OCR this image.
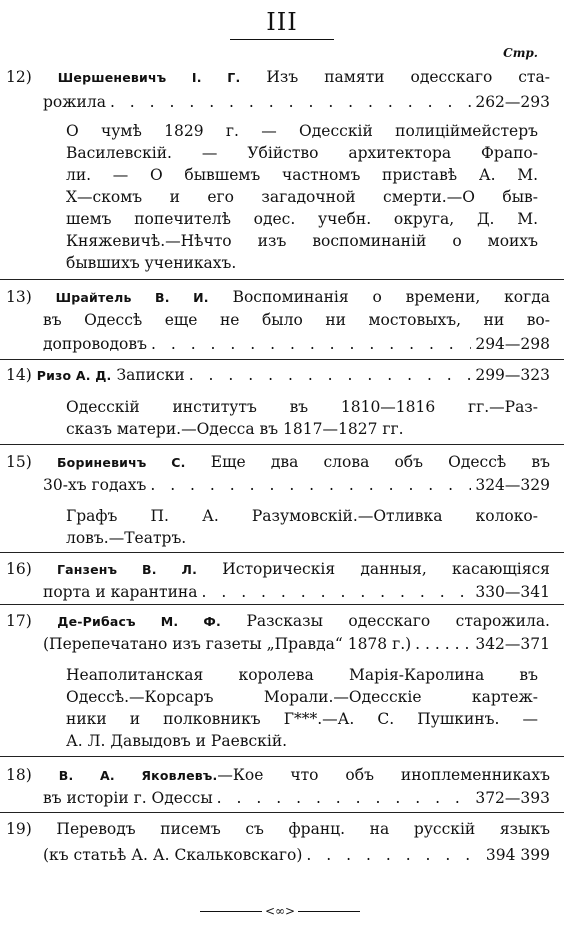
III
Стр.
12) Шершеневичъ І. Г. Изъ памяти одесскаго ста-
рожила . . .	262—293
О чумѣ 1829 г. — Одесскій полиціймейстеръ
Василевскій. — Убійство архитектора Фрапо-
ли. — О бывшемъ частномъ приставѣ А. М.
Х—скомъ и его загадочной смерти.—О быв-
шемъ попечителѣ одес. учебн. округа, Д. М.
Княжевичѣ.—Нѣчто изъ воспоминаній о моихъ
бывшихъ ученикахъ.
13) Шрайтель В. И. Воспоминанія о времени, когда
въ Одессѣ еще не было ни мостовыхъ, ни во-
допроводовъ . . .	294—298
14) Ризо А. Д. Записки . . .	299—323
Одесскій институтъ въ 1810—1816 гг.—Раз-
сказъ матери.—Одесса въ 1817—1827 гг.
15) Бориневичъ С. Еще два слова объ Одессѣ въ
30-хъ годахъ . . .	324—329
Графъ П. А. Разумовскій.—Отливка колоко-
ловъ.—Театръ.
16) Ганзенъ В. Л. Историческія данныя, касающіяся
порта и карантина . . .	330—341
17) Де-Рибасъ М. Ф. Разсказы одесскаго старожила.
(Перепечатано изъ газеты „Правда“ 1878 г.) . . .	342—371
Неаполитанская королева Марія-Каролина въ
Одессѣ.—Корсаръ Морали.—Одесскіе картеж-
ники и полковникъ Г***.—А. С. Пушкинъ. —
А. Л. Давыдовъ и Раевскій.
18) В. А. Яковлевъ.—Кое что объ иноплеменникахъ
въ исторіи г. Одессы . . .	372—393
19) Переводъ писемъ съ франц. на русскій языкъ
(къ статьѣ А. А. Скальковскаго) . . .	394 399
<∞>
